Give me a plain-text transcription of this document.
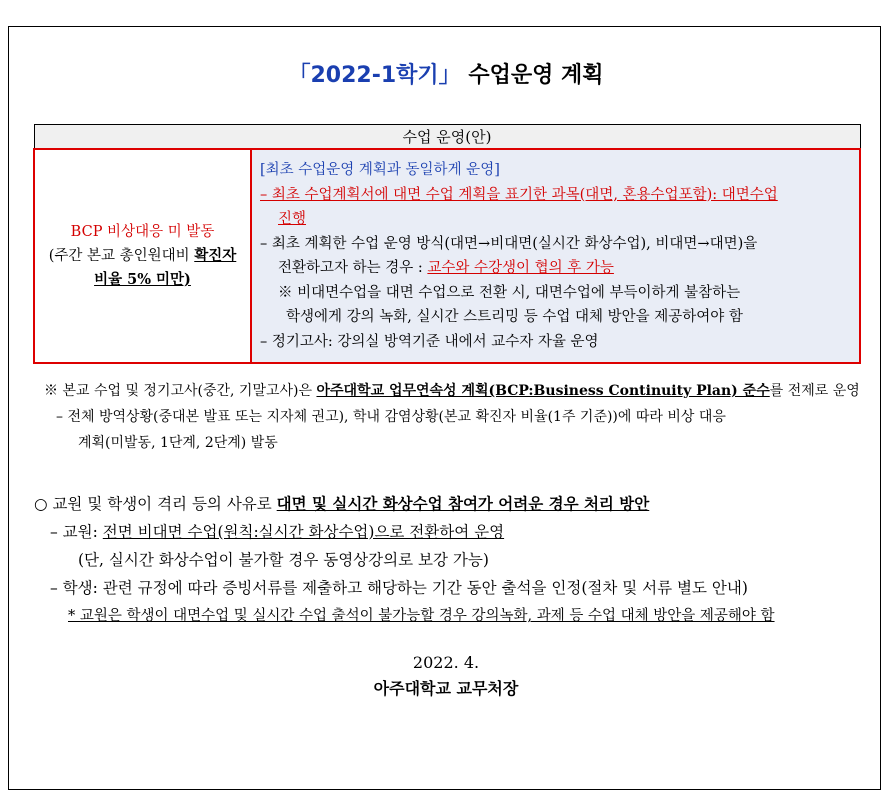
「2022-1학기」 수업운영 계획
수업 운영(안)

BCP 비상대응 미 발동
(주간 본교 총인원대비 확진자
비율 5% 미만)

[최초 수업운영 계획과 동일하게 운영]
– 최초 수업계획서에 대면 수업 계획을 표기한 과목(대면, 혼용수업포함): 대면수업
진행
– 최초 계획한 수업 운영 방식(대면→비대면(실시간 화상수업), 비대면→대면)을
전환하고자 하는 경우 : 교수와 수강생이 협의 후 가능
※ 비대면수업을 대면 수업으로 전환 시, 대면수업에 부득이하게 불참하는
학생에게 강의 녹화, 실시간 스트리밍 등 수업 대체 방안을 제공하여야 함
– 정기고사: 강의실 방역기준 내에서 교수자 자율 운영
※ 본교 수업 및 정기고사(중간, 기말고사)은 아주대학교 업무연속성 계획(BCP:Business Continuity Plan) 준수를 전제로 운영
– 전체 방역상황(중대본 발표 또는 지자체 권고), 학내 감염상황(본교 확진자 비율(1주 기준))에 따라 비상 대응
계획(미발동, 1단계, 2단계) 발동
○ 교원 및 학생이 격리 등의 사유로 대면 및 실시간 화상수업 참여가 어려운 경우 처리 방안
– 교원: 전면 비대면 수업(원칙:실시간 화상수업)으로 전환하여 운영
(단, 실시간 화상수업이 불가할 경우 동영상강의로 보강 가능)
– 학생: 관련 규정에 따라 증빙서류를 제출하고 해당하는 기간 동안 출석을 인정(절차 및 서류 별도 안내)
* 교원은 학생이 대면수업 및 실시간 수업 출석이 불가능할 경우 강의녹화, 과제 등 수업 대체 방안을 제공해야 함
2022. 4.
아주대학교 교무처장
